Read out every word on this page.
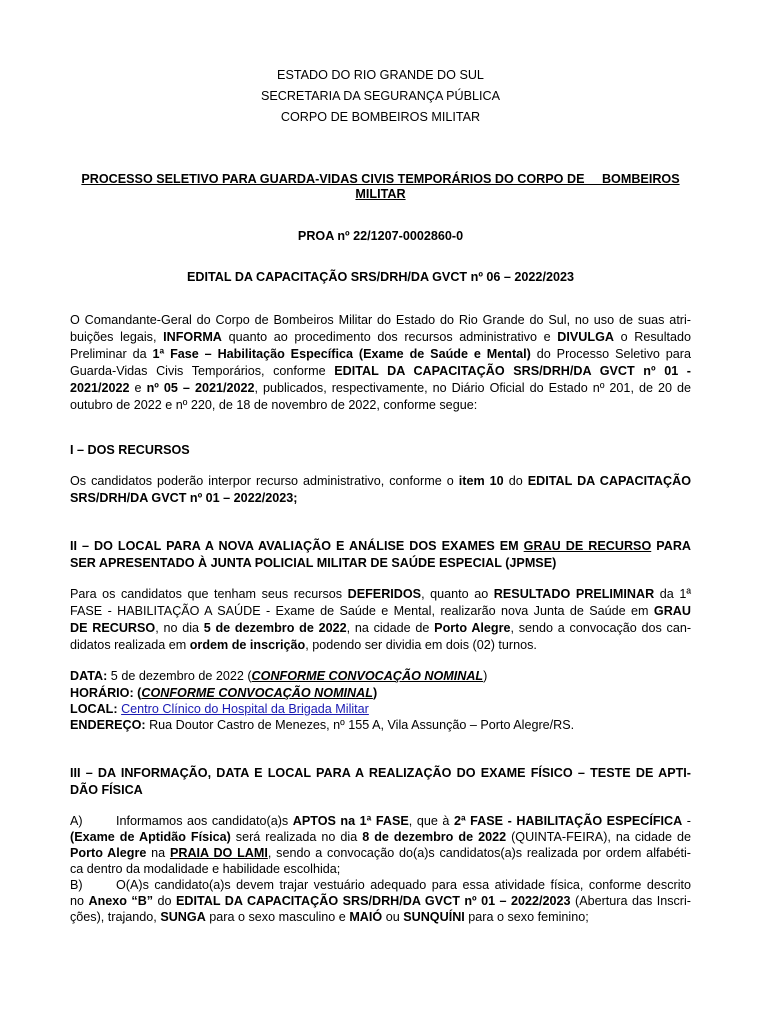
ESTADO DO RIO GRANDE DO SUL

SECRETARIA DA SEGURANÇA PÚBLICA

CORPO DE BOMBEIROS MILITAR

PROCESSO SELETIVO PARA GUARDA-VIDAS CIVIS TEMPORÁRIOS DO CORPO DE     BOMBEIROS

MILITAR

PROA nº 22/1207-0002860-0

EDITAL DA CAPACITAÇÃO SRS/DRH/DA GVCT nº 06 – 2022/2023

O Comandante-Geral do Corpo de Bombeiros Militar do Estado do Rio Grande do Sul, no uso de suas atri-

buições legais, INFORMA quanto ao procedimento dos recursos administrativo e DIVULGA o Resultado

Preliminar da 1ª Fase – Habilitação Específica (Exame de Saúde e Mental) do Processo Seletivo para

Guarda-Vidas Civis Temporários, conforme EDITAL DA CAPACITAÇÃO SRS/DRH/DA GVCT nº 01 -

2021/2022 e nº 05 – 2021/2022, publicados, respectivamente, no Diário Oficial do Estado nº 201, de 20 de

outubro de 2022 e nº 220, de 18 de novembro de 2022, conforme segue:

I – DOS RECURSOS

Os candidatos poderão interpor recurso administrativo, conforme o item 10 do EDITAL DA CAPACITAÇÃO

SRS/DRH/DA GVCT nº 01 – 2022/2023;

II – DO LOCAL PARA A NOVA AVALIAÇÃO E ANÁLISE DOS EXAMES EM GRAU DE RECURSO PARA

SER APRESENTADO À JUNTA POLICIAL MILITAR DE SAÚDE ESPECIAL (JPMSE)

Para os candidatos que tenham seus recursos DEFERIDOS, quanto ao RESULTADO PRELIMINAR da 1ª

FASE - HABILITAÇÃO A SAÚDE - Exame de Saúde e Mental, realizarão nova Junta de Saúde em GRAU

DE RECURSO, no dia 5 de dezembro de 2022, na cidade de Porto Alegre, sendo a convocação dos can-

didatos realizada em ordem de inscrição, podendo ser dividia em dois (02) turnos.

DATA: 5 de dezembro de 2022 (CONFORME CONVOCAÇÃO NOMINAL)

HORÁRIO: (CONFORME CONVOCAÇÃO NOMINAL)

LOCAL: Centro Clínico do Hospital da Brigada Militar

ENDEREÇO: Rua Doutor Castro de Menezes, nº 155 A, Vila Assunção – Porto Alegre/RS.

III – DA INFORMAÇÃO, DATA E LOCAL PARA A REALIZAÇÃO DO EXAME FÍSICO – TESTE DE APTI-

DÃO FÍSICA

A)	Informamos aos candidato(a)s APTOS na 1ª FASE, que à 2ª FASE - HABILITAÇÃO ESPECÍFICA -

(Exame de Aptidão Física) será realizada no dia 8 de dezembro de 2022 (QUINTA-FEIRA), na cidade de

Porto Alegre na PRAIA DO LAMI, sendo a convocação do(a)s candidatos(a)s realizada por ordem alfabéti-

ca dentro da modalidade e habilidade escolhida;

B)	O(A)s candidato(a)s devem trajar vestuário adequado para essa atividade física, conforme descrito

no Anexo “B” do EDITAL DA CAPACITAÇÃO SRS/DRH/DA GVCT nº 01 – 2022/2023 (Abertura das Inscri-

ções), trajando, SUNGA para o sexo masculino e MAIÓ ou SUNQUÍNI para o sexo feminino;
